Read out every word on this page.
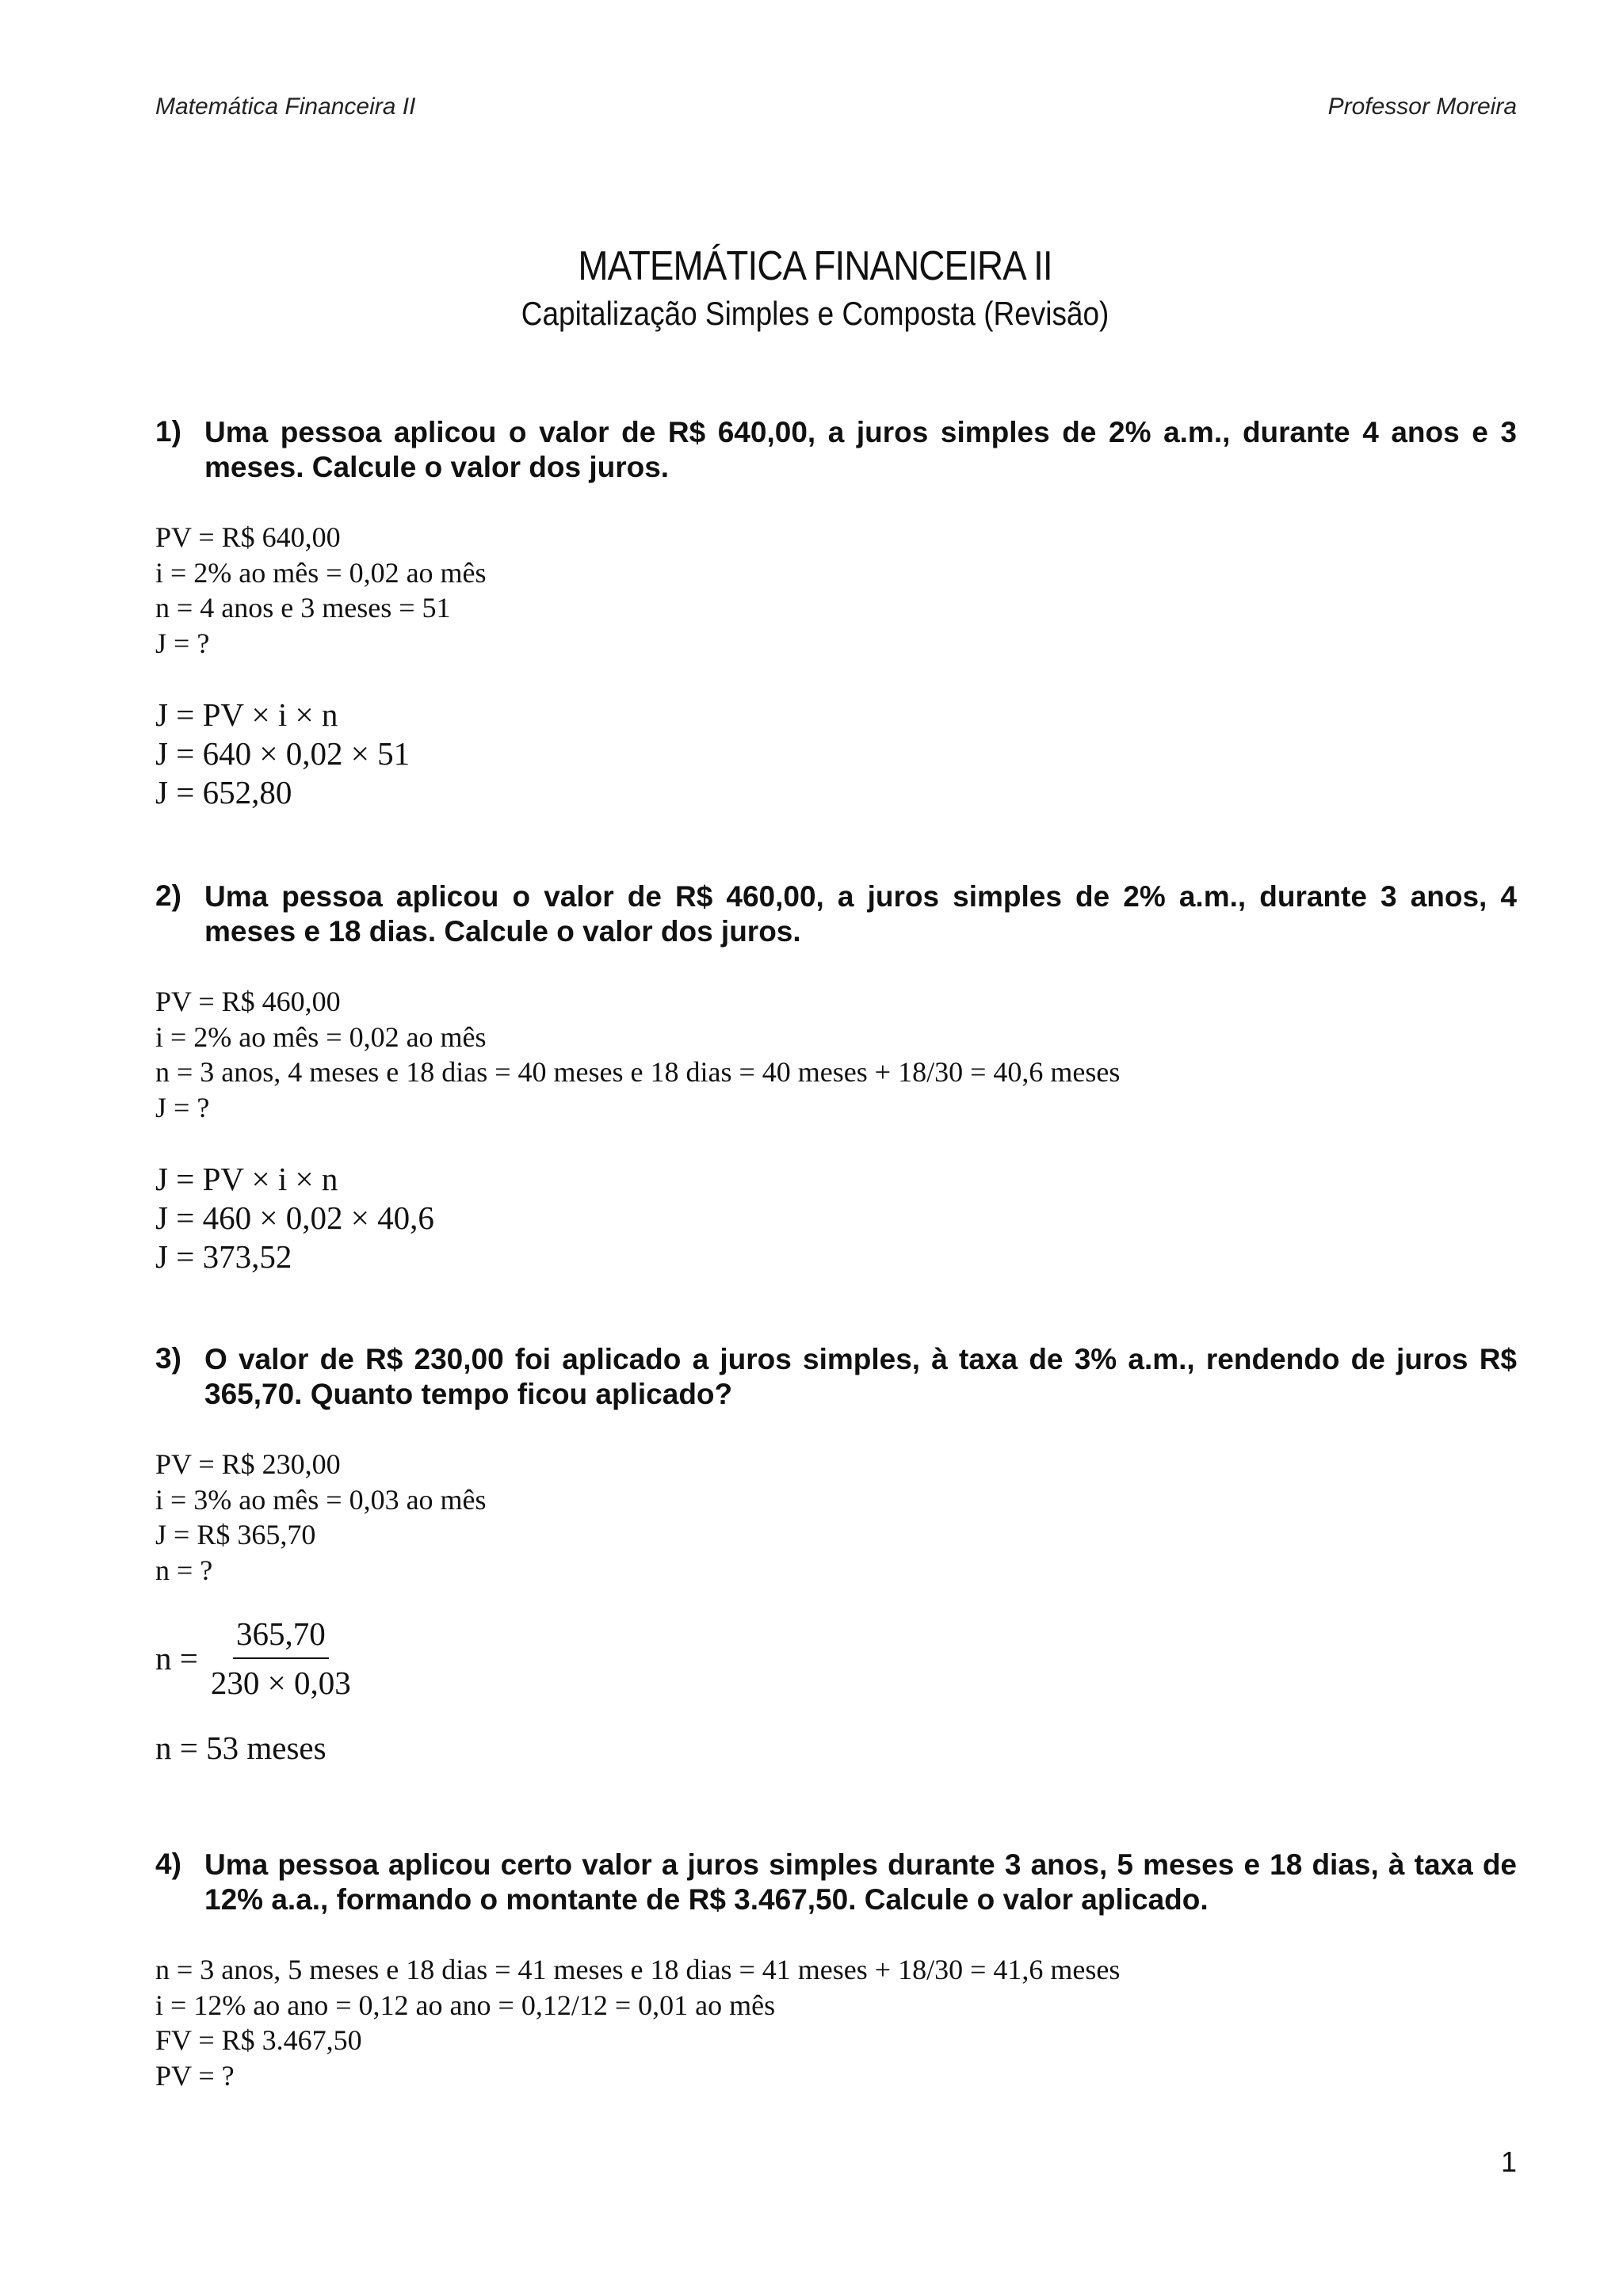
Matemática Financeira II	Professor Moreira
MATEMÁTICA FINANCEIRA II
Capitalização Simples e Composta (Revisão)
1) Uma pessoa aplicou o valor de R$ 640,00, a juros simples de 2% a.m., durante 4 anos e 3 meses. Calcule o valor dos juros.
PV = R$ 640,00
i = 2% ao mês = 0,02 ao mês
n = 4 anos e 3 meses = 51
J = ?
J = PV × i × n
J = 640 × 0,02 × 51
J = 652,80
2) Uma pessoa aplicou o valor de R$ 460,00, a juros simples de 2% a.m., durante 3 anos, 4 meses e 18 dias. Calcule o valor dos juros.
PV = R$ 460,00
i = 2% ao mês = 0,02 ao mês
n = 3 anos, 4 meses e 18 dias = 40 meses e 18 dias = 40 meses + 18/30 = 40,6 meses
J = ?
J = PV × i × n
J = 460 × 0,02 × 40,6
J = 373,52
3) O valor de R$ 230,00 foi aplicado a juros simples, à taxa de 3% a.m., rendendo de juros R$ 365,70. Quanto tempo ficou aplicado?
PV = R$ 230,00
i = 3% ao mês = 0,03 ao mês
J = R$ 365,70
n = ?
$n = \frac{365,70}{230 \times 0,03}$
n = 53 meses
4) Uma pessoa aplicou certo valor a juros simples durante 3 anos, 5 meses e 18 dias, à taxa de 12% a.a., formando o montante de R$ 3.467,50. Calcule o valor aplicado.
n = 3 anos, 5 meses e 18 dias = 41 meses e 18 dias = 41 meses + 18/30 = 41,6 meses
i = 12% ao ano = 0,12 ao ano = 0,12/12 = 0,01 ao mês
FV = R$ 3.467,50
PV = ?
1
